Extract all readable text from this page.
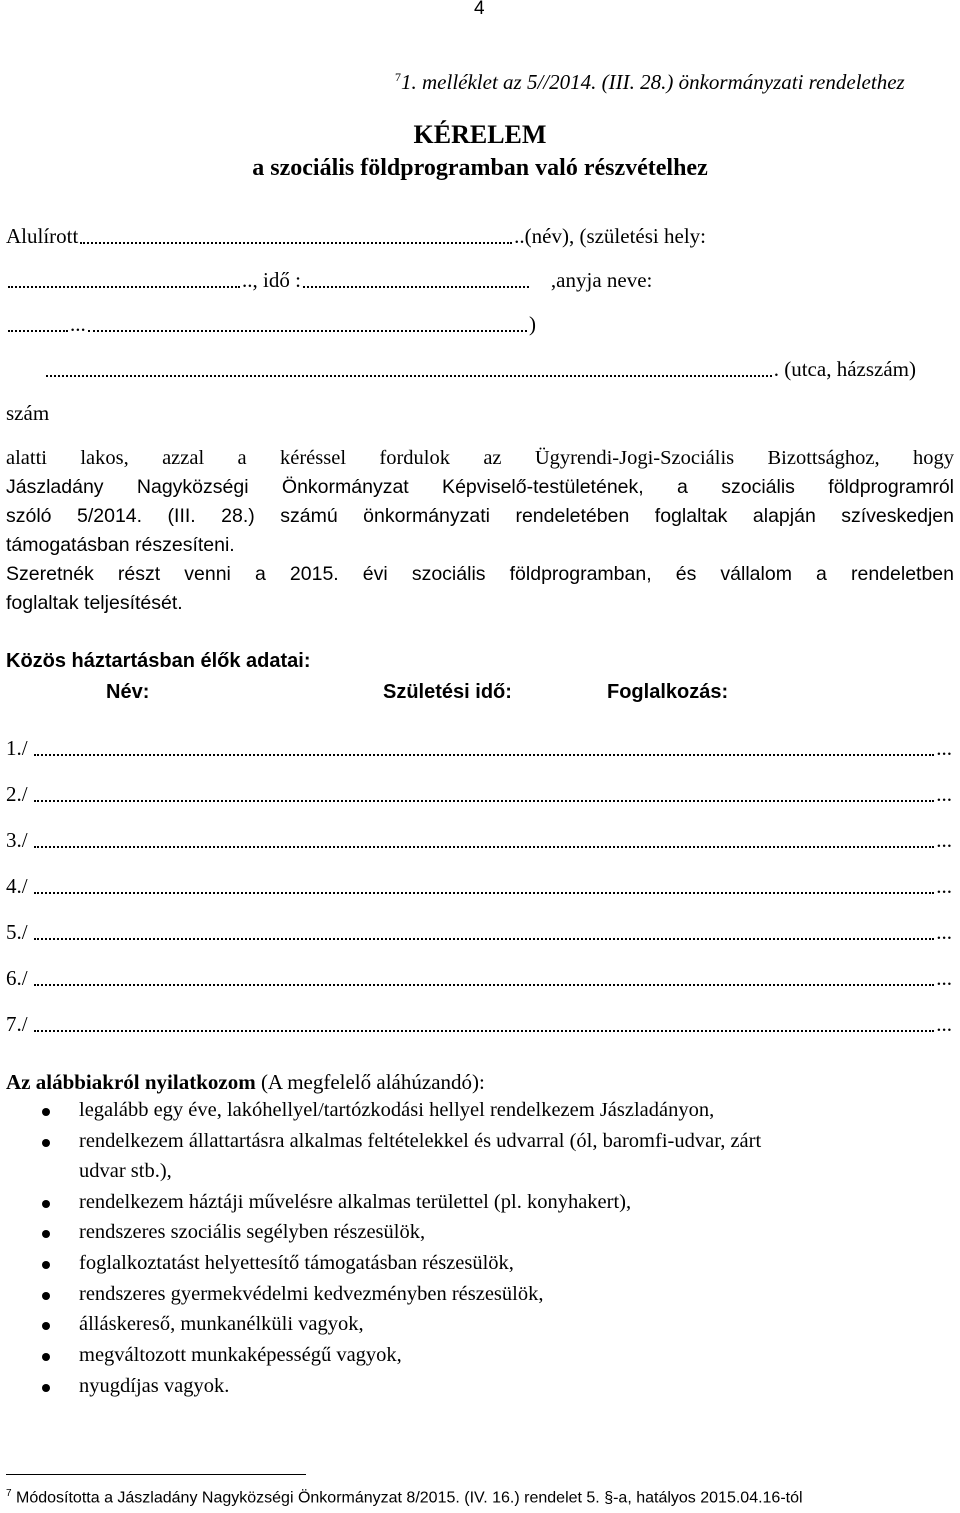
4
$^7$1. melléklet az 5//2014. (III. 28.) önkormányzati rendelethez
KÉRELEM
a szociális földprogramban való részvételhez
Alulírott	..(név), (születési hely:
.. , idő :	,anyja neve:
...	)
. (utca, házszám)
szám
alatti lakos, azzal a kéréssel fordulok az Ügyrendi-Jogi-Szociális Bizottsághoz, hogy
Jászladány Nagyközségi Önkormányzat Képviselő-testületének, a szociális földprogramról
szóló 5/2014. (III. 28.) számú önkormányzati rendeletében foglaltak alapján szíveskedjen
támogatásban részesíteni.
Szeretnék részt venni a 2015. évi szociális földprogramban, és vállalom a rendeletben
foglaltak teljesítését.
Közös háztartásban élők adatai:
Név:	Születési idő:	Foglalkozás:
1./	...
2./	...
3./	...
4./	...
5./	...
6./	...
7./	...
Az alábbiakról nyilatkozom (A megfelelő aláhúzandó):
legalább egy éve, lakóhellyel/tartózkodási hellyel rendelkezem Jászladányon,
rendelkezem állattartásra alkalmas feltételekkel és udvarral (ól, baromfi-udvar, zárt
udvar stb.),
rendelkezem háztáji művelésre alkalmas területtel (pl. konyhakert),
rendszeres szociális segélyben részesülök,
foglalkoztatást helyettesítő támogatásban részesülök,
rendszeres gyermekvédelmi kedvezményben részesülök,
álláskereső, munkanélküli vagyok,
megváltozott munkaképességű vagyok,
nyugdíjas vagyok.
$^7$ Módosította a Jászladány Nagyközségi Önkormányzat 8/2015. (IV. 16.) rendelet 5. §-a, hatályos 2015.04.16-tól
